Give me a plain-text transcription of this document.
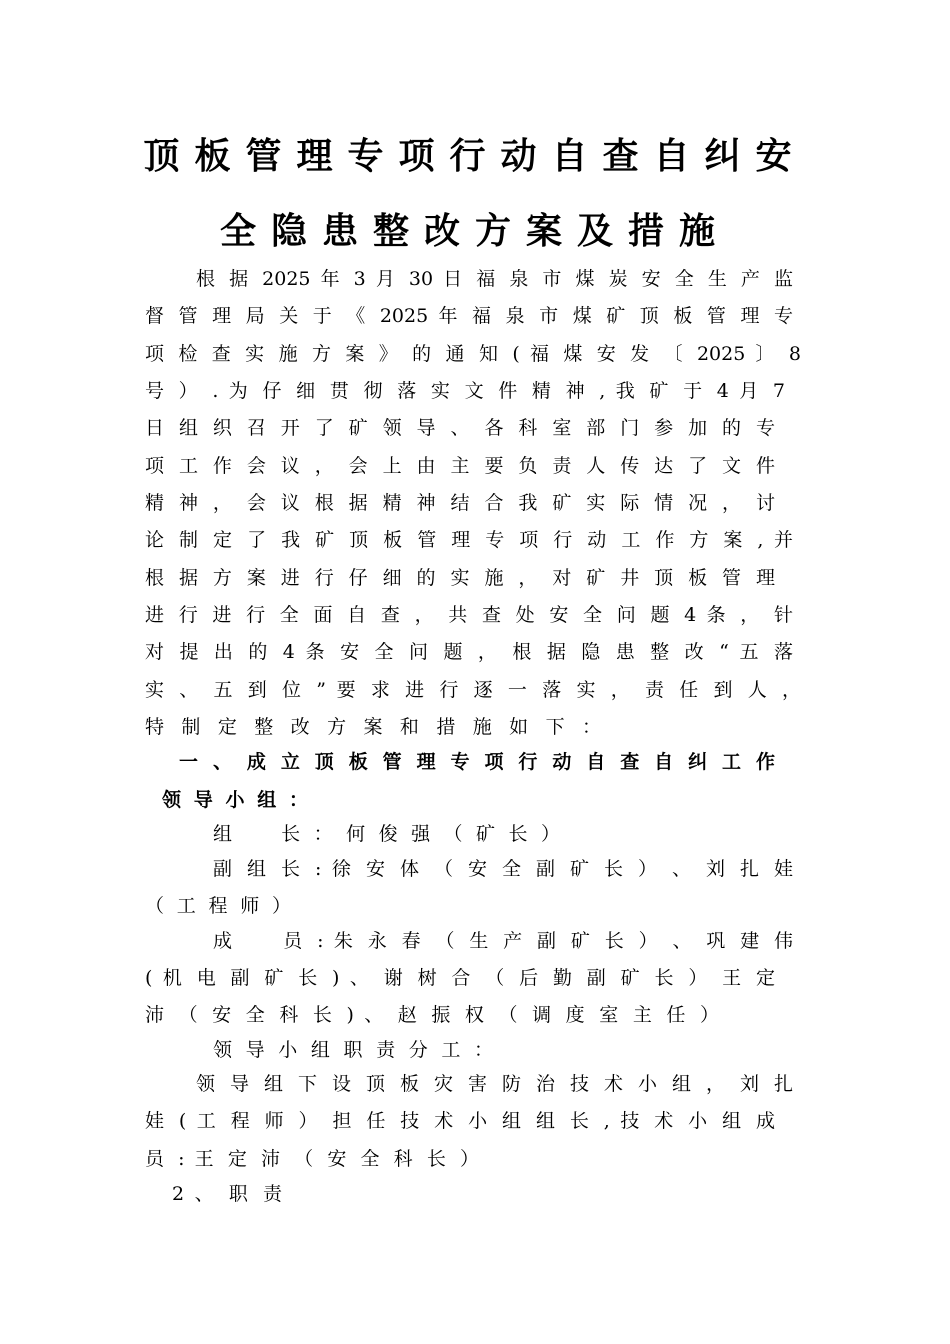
顶板管理专项行动自查自纠安
全隐患整改方案及措施
根 据 2025 年 3 月 30 日 福 泉 市 煤 炭 安 全 生 产 监
督 管 理 局 关 于 《 2025 年 福 泉 市 煤 矿 顶 板 管 理 专
项 检 查 实 施 方 案 》 的 通 知 ( 福 煤 安 发 〔 2025 〕 8
号 ） . 为 仔 细 贯 彻 落 实 文 件 精 神 , 我 矿 于 4 月 7
日 组 织 召 开 了 矿 领 导 、 各 科 室 部 门 参 加 的 专
项 工 作 会 议 ， 会 上 由 主 要 负 责 人 传 达 了 文 件
精 神 ， 会 议 根 据 精 神 结 合 我 矿 实 际 情 况 ， 讨
论 制 定 了 我 矿 顶 板 管 理 专 项 行 动 工 作 方 案 , 并
根 据 方 案 进 行 仔 细 的 实 施 ， 对 矿 井 顶 板 管 理
进 行 进 行 全 面 自 查 ， 共 查 处 安 全 问 题 4 条 ， 针
对 提 出 的 4 条 安 全 问 题 ， 根 据 隐 患 整 改 “ 五 落
实 、 五 到 位 ” 要 求 进 行 逐 一 落 实 ， 责 任 到 人 ，
特 制 定 整 改 方 案 和 措 施 如 下 ：
一 、 成 立 顶 板 管 理 专 项 行 动 自 查 自 纠 工 作
领 导 小 组 ：
组　　长 ： 何 俊 强 （ 矿 长 ）
副 组 长 : 徐 安 体 （ 安 全 副 矿 长 ） 、 刘 扎 娃
（ 工 程 师 ）
成　　员 : 朱 永 春 （ 生 产 副 矿 长 ） 、 巩 建 伟
( 机 电 副 矿 长 ) 、 谢 树 合 （ 后 勤 副 矿 长 ） 王 定
沛 （ 安 全 科 长 ) 、 赵 振 权 （ 调 度 室 主 任 ）
领 导 小 组 职 责 分 工 ：
领 导 组 下 设 顶 板 灾 害 防 治 技 术 小 组 ， 刘 扎
娃 ( 工 程 师 ） 担 任 技 术 小 组 组 长 , 技 术 小 组 成
员 : 王 定 沛 （ 安 全 科 长 ）
2 、 职 责
